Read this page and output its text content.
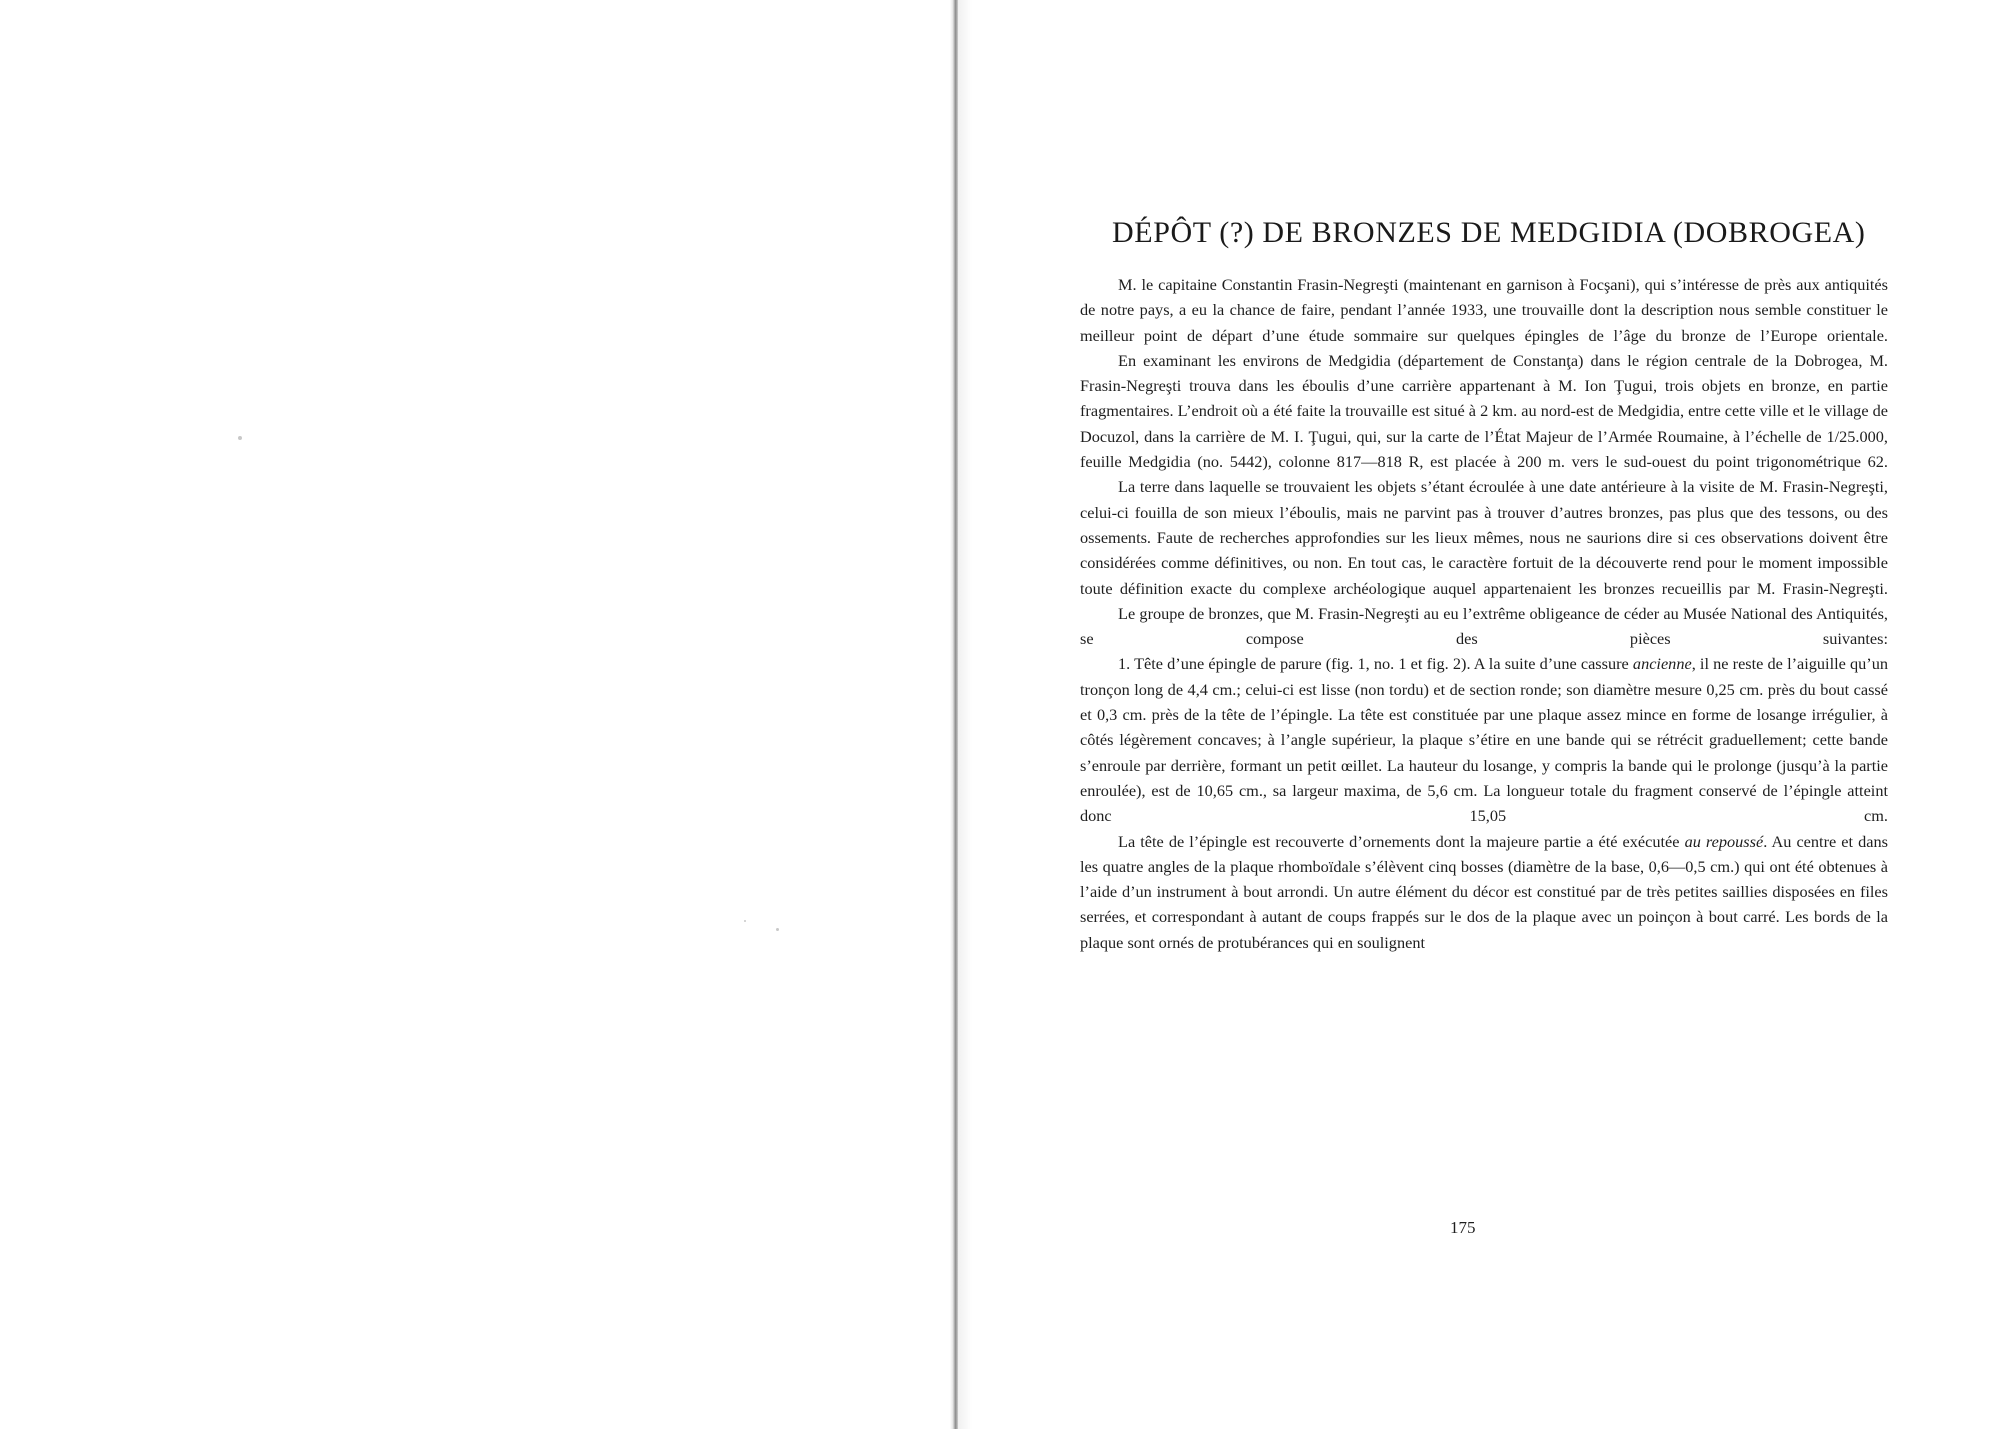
DÉPÔT (?) DE BRONZES DE MEDGIDIA (DOBROGEA)

M. le capitaine Constantin Frasin-Negreşti (maintenant en garnison à Focşani), qui s’intéresse de près aux antiquités de notre pays, a eu la chance de faire, pendant l’année 1933, une trouvaille dont la description nous semble constituer le meilleur point de départ d’une étude sommaire sur quelques épingles de l’âge du bronze de l’Europe orientale.

En examinant les environs de Medgidia (département de Constanţa) dans le région centrale de la Dobrogea, M. Frasin-Negreşti trouva dans les éboulis d’une carrière appartenant à M. Ion Ţugui, trois objets en bronze, en partie fragmentaires. L’endroit où a été faite la trouvaille est situé à 2 km. au nord-est de Medgidia, entre cette ville et le village de Docuzol, dans la carrière de M. I. Ţugui, qui, sur la carte de l’État Majeur de l’Armée Roumaine, à l’échelle de 1/25.000, feuille Medgidia (no. 5442), colonne 817—818 R, est placée à 200 m. vers le sud-ouest du point trigonométrique 62.

La terre dans laquelle se trouvaient les objets s’étant écroulée à une date antérieure à la visite de M. Frasin-Negreşti, celui-ci fouilla de son mieux l’éboulis, mais ne parvint pas à trouver d’autres bronzes, pas plus que des tessons, ou des ossements. Faute de recherches approfondies sur les lieux mêmes, nous ne saurions dire si ces observations doivent être considérées comme définitives, ou non. En tout cas, le caractère fortuit de la découverte rend pour le moment impossible toute définition exacte du complexe archéologique auquel appartenaient les bronzes recueillis par M. Frasin-Negreşti.

Le groupe de bronzes, que M. Frasin-Negreşti au eu l’extrême obligeance de céder au Musée National des Antiquités, se compose des pièces suivantes:

1. Tête d’une épingle de parure (fig. 1, no. 1 et fig. 2). A la suite d’une cassure ancienne, il ne reste de l’aiguille qu’un tronçon long de 4,4 cm.; celui-ci est lisse (non tordu) et de section ronde; son diamètre mesure 0,25 cm. près du bout cassé et 0,3 cm. près de la tête de l’épingle. La tête est constituée par une plaque assez mince en forme de losange irrégulier, à côtés légèrement concaves; à l’angle supérieur, la plaque s’étire en une bande qui se rétrécit graduellement; cette bande s’enroule par derrière, formant un petit œillet. La hauteur du losange, y compris la bande qui le prolonge (jusqu’à la partie enroulée), est de 10,65 cm., sa largeur maxima, de 5,6 cm. La longueur totale du fragment conservé de l’épingle atteint donc 15,05 cm.

La tête de l’épingle est recouverte d’ornements dont la majeure partie a été exécutée au repoussé. Au centre et dans les quatre angles de la plaque rhomboïdale s’élèvent cinq bosses (diamètre de la base, 0,6—0,5 cm.) qui ont été obtenues à l’aide d’un instrument à bout arrondi. Un autre élément du décor est constitué par de très petites saillies disposées en files serrées, et correspondant à autant de coups frappés sur le dos de la plaque avec un poinçon à bout carré. Les bords de la plaque sont ornés de protubérances qui en soulignent

175
